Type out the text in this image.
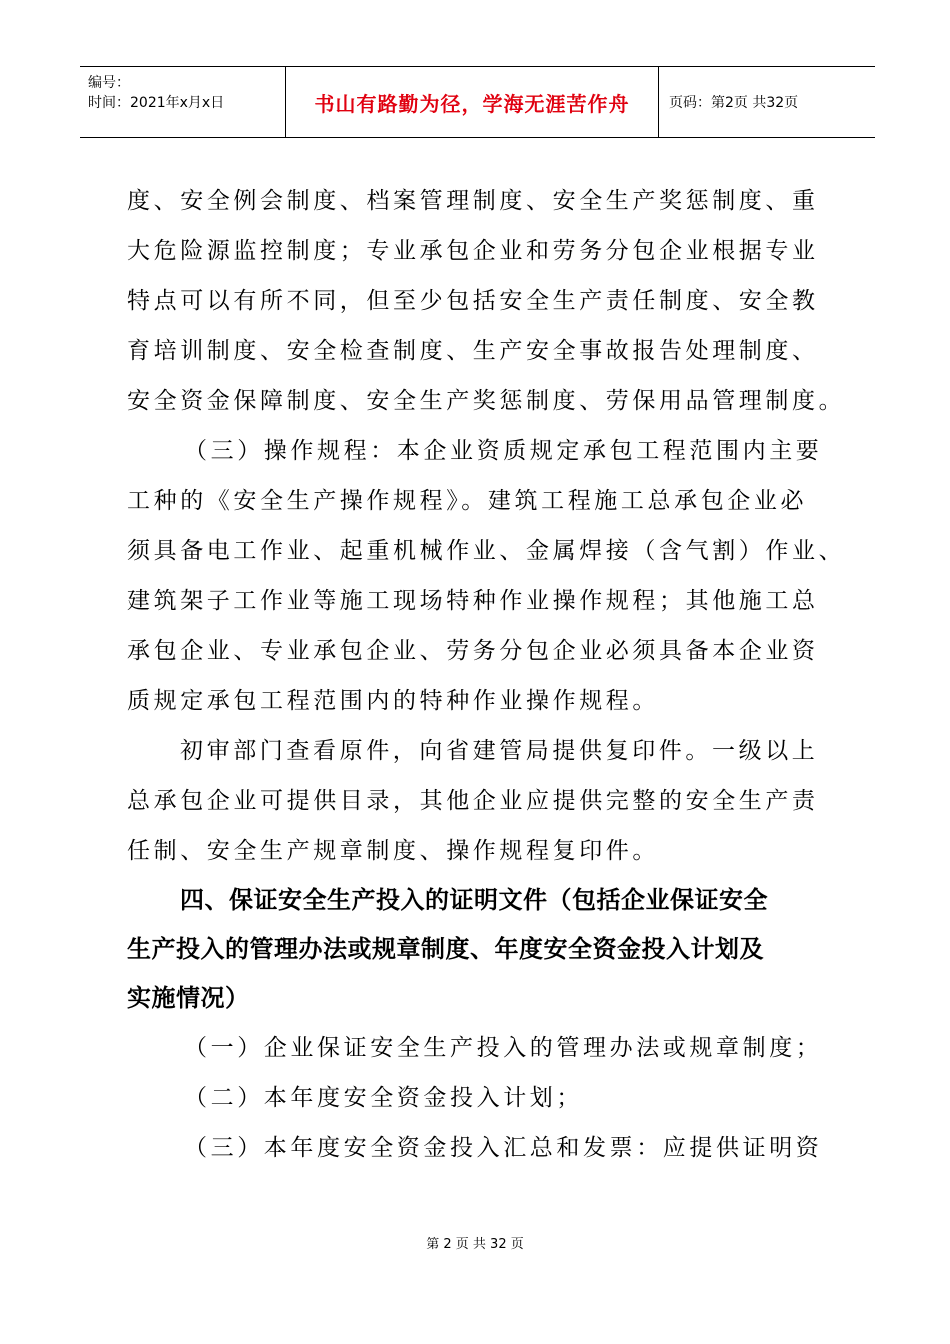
编号：
时间：2021年x月x日	书山有路勤为径，学海无涯苦作舟	页码：第2页 共32页

度、安全例会制度、档案管理制度、安全生产奖惩制度、重

大危险源监控制度；专业承包企业和劳务分包企业根据专业

特点可以有所不同，但至少包括安全生产责任制度、安全教

育培训制度、安全检查制度、生产安全事故报告处理制度、

安全资金保障制度、安全生产奖惩制度、劳保用品管理制度。

（三）操作规程：本企业资质规定承包工程范围内主要

工种的《安全生产操作规程》。建筑工程施工总承包企业必

须具备电工作业、起重机械作业、金属焊接（含气割）作业、

建筑架子工作业等施工现场特种作业操作规程；其他施工总

承包企业、专业承包企业、劳务分包企业必须具备本企业资

质规定承包工程范围内的特种作业操作规程。

初审部门查看原件，向省建管局提供复印件。一级以上

总承包企业可提供目录，其他企业应提供完整的安全生产责

任制、安全生产规章制度、操作规程复印件。

四、保证安全生产投入的证明文件（包括企业保证安全

生产投入的管理办法或规章制度、年度安全资金投入计划及

实施情况）

（一）企业保证安全生产投入的管理办法或规章制度；

（二）本年度安全资金投入计划；

（三）本年度安全资金投入汇总和发票：应提供证明资

第 2 页 共 32 页
